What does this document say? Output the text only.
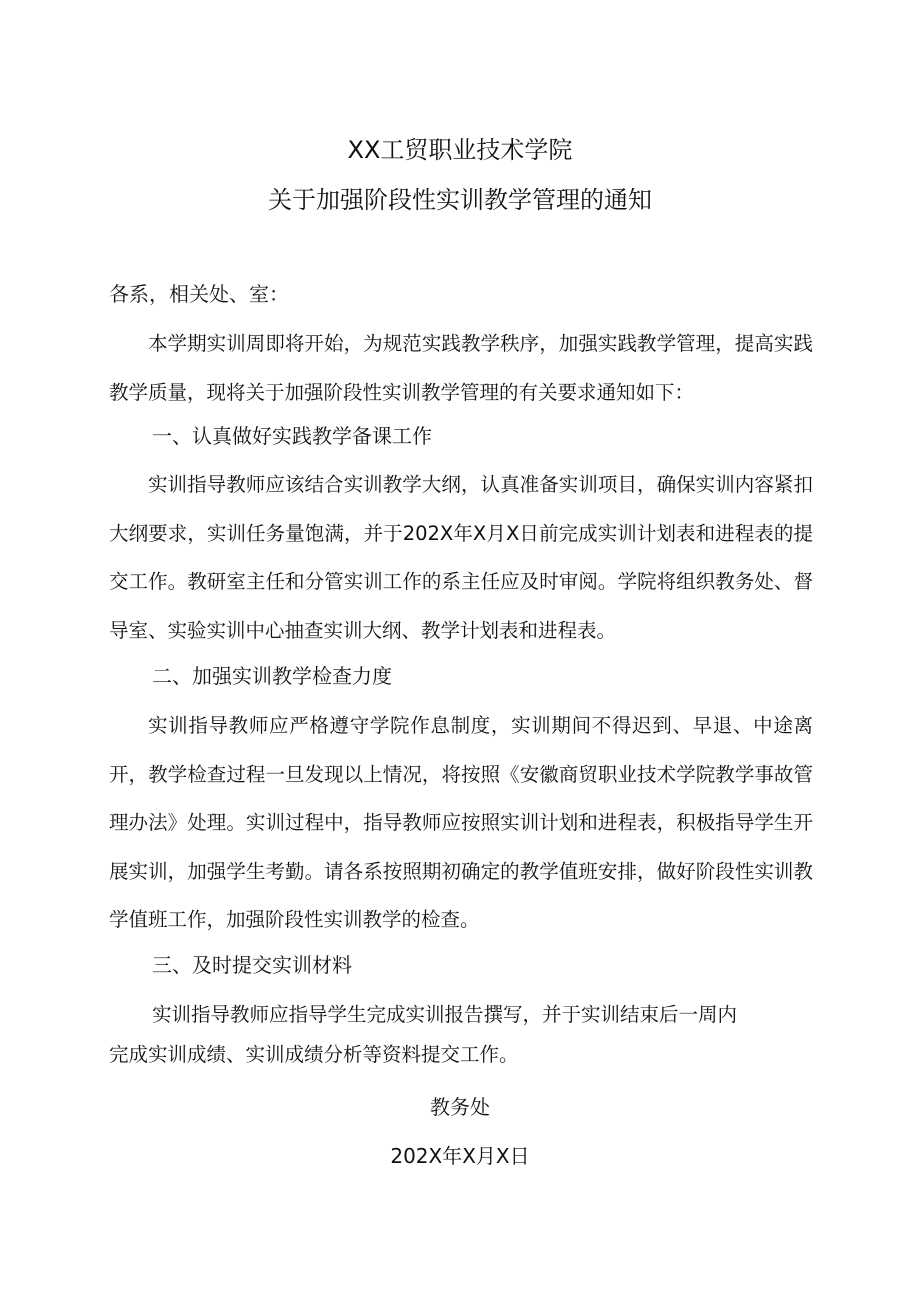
XX工贸职业技术学院
关于加强阶段性实训教学管理的通知
各系，相关处、室：

本学期实训周即将开始，为规范实践教学秩序，加强实践教学管理，提高实践教学质量，现将关于加强阶段性实训教学管理的有关要求通知如下：

一、认真做好实践教学备课工作

实训指导教师应该结合实训教学大纲，认真准备实训项目，确保实训内容紧扣大纲要求，实训任务量饱满，并于202X年X月X日前完成实训计划表和进程表的提交工作。教研室主任和分管实训工作的系主任应及时审阅。学院将组织教务处、督导室、实验实训中心抽查实训大纲、教学计划表和进程表。

二、加强实训教学检查力度

实训指导教师应严格遵守学院作息制度，实训期间不得迟到、早退、中途离开，教学检查过程一旦发现以上情况，将按照《安徽商贸职业技术学院教学事故管理办法》处理。实训过程中，指导教师应按照实训计划和进程表，积极指导学生开展实训，加强学生考勤。请各系按照期初确定的教学值班安排，做好阶段性实训教学值班工作，加强阶段性实训教学的检查。

三、及时提交实训材料
实训指导教师应指导学生完成实训报告撰写，并于实训结束后一周内
完成实训成绩、实训成绩分析等资料提交工作。
教务处
202X年X月X日
